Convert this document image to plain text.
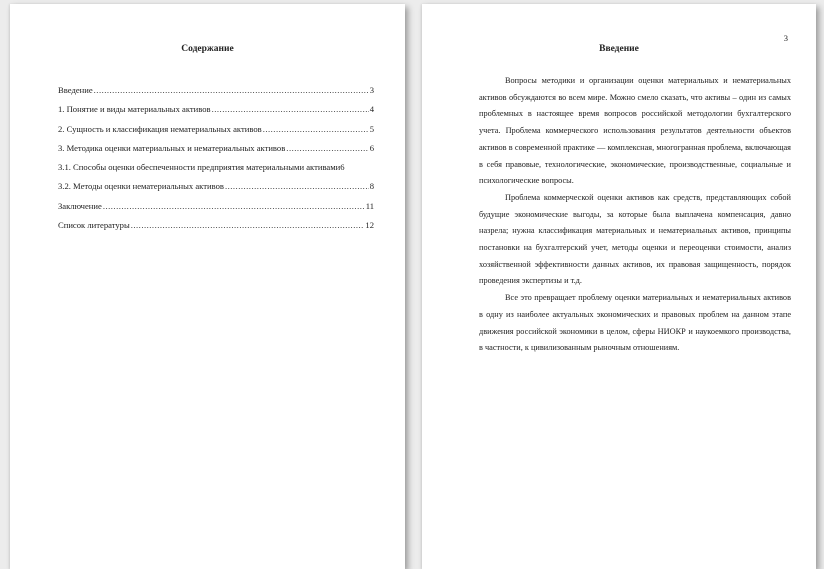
Содержание
Введение .....	3
1. Понятие и виды материальных активов .....	4
2. Сущность и классификация нематериальных активов .....	5
3. Методика оценки материальных и нематериальных активов .....	6
3.1. Способы оценки обеспеченности предприятия материальными активами 6
3.2. Методы оценки нематериальных активов .....	8
Заключение .....	11
Список литературы .....	12
3
Введение

Вопросы методики и организации оценки материальных и нематериальных активов обсуждаются во всем мире. Можно смело сказать, что активы – один из самых проблемных в настоящее время вопросов российской методологии бухгалтерского учета. Проблема коммерческого использования результатов деятельности объектов активов в современной практике — комплексная, многогранная проблема, включающая в себя правовые, технологические, экономические, производственные, социальные и психологические вопросы.

Проблема коммерческой оценки активов как средств, представляющих собой будущие экономические выгоды, за которые была выплачена компенсация, давно назрела; нужна классификация материальных и нематериальных активов, принципы постановки на бухгалтерский учет, методы оценки и переоценки стоимости, анализ хозяйственной эффективности данных активов, их правовая защищенность, порядок проведения экспертизы и т.д.

Все это превращает проблему оценки материальных и нематериальных активов в одну из наиболее актуальных экономических и правовых проблем на данном этапе движения российской экономики в целом, сферы НИОКР и наукоемкого производства, в частности, к цивилизованным рыночным отношениям.
